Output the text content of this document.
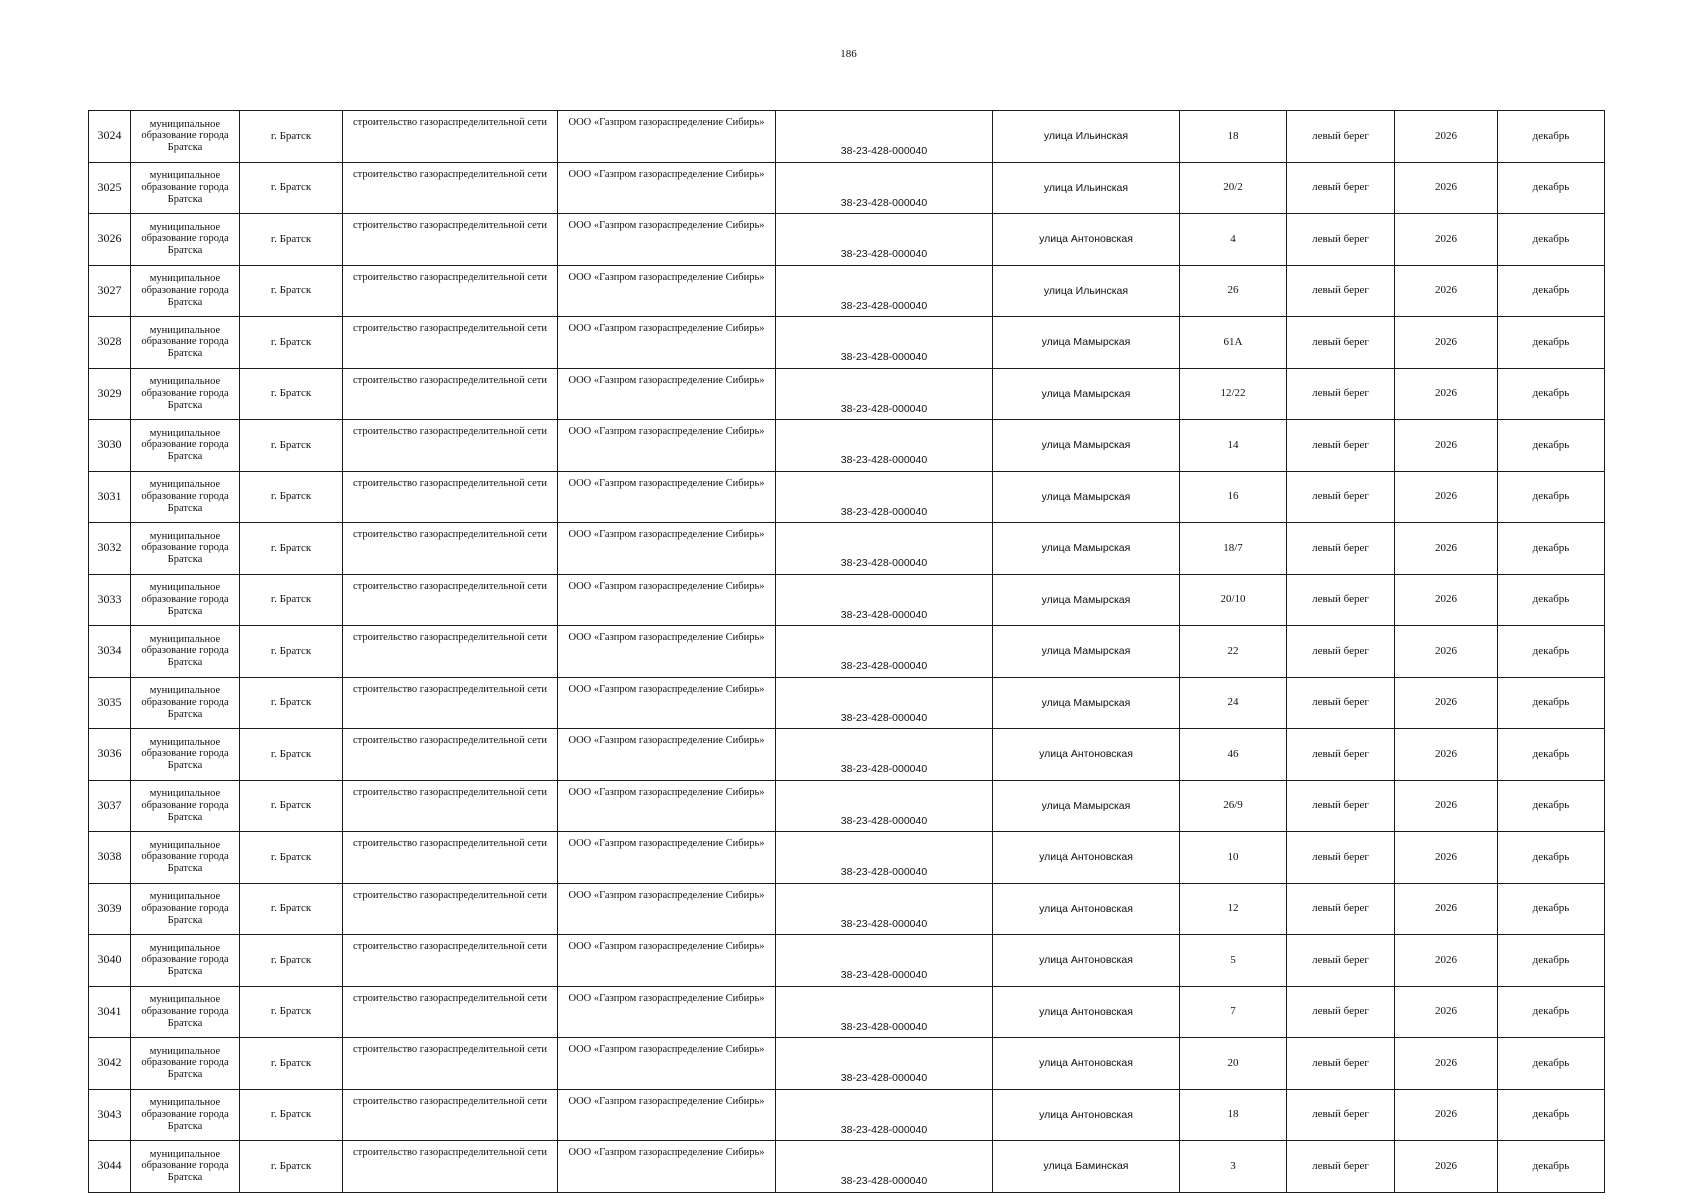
186
3024	муниципальное образование города Братска	г. Братск	строительство газораспределительной сети	ООО «Газпром газораспределение Сибирь»	38-23-428-000040	улица Ильинская	18	левый берег	2026	декабрь
3025	муниципальное образование города Братска	г. Братск	строительство газораспределительной сети	ООО «Газпром газораспределение Сибирь»	38-23-428-000040	улица Ильинская	20/2	левый берег	2026	декабрь
3026	муниципальное образование города Братска	г. Братск	строительство газораспределительной сети	ООО «Газпром газораспределение Сибирь»	38-23-428-000040	улица Антоновская	4	левый берег	2026	декабрь
3027	муниципальное образование города Братска	г. Братск	строительство газораспределительной сети	ООО «Газпром газораспределение Сибирь»	38-23-428-000040	улица Ильинская	26	левый берег	2026	декабрь
3028	муниципальное образование города Братска	г. Братск	строительство газораспределительной сети	ООО «Газпром газораспределение Сибирь»	38-23-428-000040	улица Мамырская	61А	левый берег	2026	декабрь
3029	муниципальное образование города Братска	г. Братск	строительство газораспределительной сети	ООО «Газпром газораспределение Сибирь»	38-23-428-000040	улица Мамырская	12/22	левый берег	2026	декабрь
3030	муниципальное образование города Братска	г. Братск	строительство газораспределительной сети	ООО «Газпром газораспределение Сибирь»	38-23-428-000040	улица Мамырская	14	левый берег	2026	декабрь
3031	муниципальное образование города Братска	г. Братск	строительство газораспределительной сети	ООО «Газпром газораспределение Сибирь»	38-23-428-000040	улица Мамырская	16	левый берег	2026	декабрь
3032	муниципальное образование города Братска	г. Братск	строительство газораспределительной сети	ООО «Газпром газораспределение Сибирь»	38-23-428-000040	улица Мамырская	18/7	левый берег	2026	декабрь
3033	муниципальное образование города Братска	г. Братск	строительство газораспределительной сети	ООО «Газпром газораспределение Сибирь»	38-23-428-000040	улица Мамырская	20/10	левый берег	2026	декабрь
3034	муниципальное образование города Братска	г. Братск	строительство газораспределительной сети	ООО «Газпром газораспределение Сибирь»	38-23-428-000040	улица Мамырская	22	левый берег	2026	декабрь
3035	муниципальное образование города Братска	г. Братск	строительство газораспределительной сети	ООО «Газпром газораспределение Сибирь»	38-23-428-000040	улица Мамырская	24	левый берег	2026	декабрь
3036	муниципальное образование города Братска	г. Братск	строительство газораспределительной сети	ООО «Газпром газораспределение Сибирь»	38-23-428-000040	улица Антоновская	46	левый берег	2026	декабрь
3037	муниципальное образование города Братска	г. Братск	строительство газораспределительной сети	ООО «Газпром газораспределение Сибирь»	38-23-428-000040	улица Мамырская	26/9	левый берег	2026	декабрь
3038	муниципальное образование города Братска	г. Братск	строительство газораспределительной сети	ООО «Газпром газораспределение Сибирь»	38-23-428-000040	улица Антоновская	10	левый берег	2026	декабрь
3039	муниципальное образование города Братска	г. Братск	строительство газораспределительной сети	ООО «Газпром газораспределение Сибирь»	38-23-428-000040	улица Антоновская	12	левый берег	2026	декабрь
3040	муниципальное образование города Братска	г. Братск	строительство газораспределительной сети	ООО «Газпром газораспределение Сибирь»	38-23-428-000040	улица Антоновская	5	левый берег	2026	декабрь
3041	муниципальное образование города Братска	г. Братск	строительство газораспределительной сети	ООО «Газпром газораспределение Сибирь»	38-23-428-000040	улица Антоновская	7	левый берег	2026	декабрь
3042	муниципальное образование города Братска	г. Братск	строительство газораспределительной сети	ООО «Газпром газораспределение Сибирь»	38-23-428-000040	улица Антоновская	20	левый берег	2026	декабрь
3043	муниципальное образование города Братска	г. Братск	строительство газораспределительной сети	ООО «Газпром газораспределение Сибирь»	38-23-428-000040	улица Антоновская	18	левый берег	2026	декабрь
3044	муниципальное образование города Братска	г. Братск	строительство газораспределительной сети	ООО «Газпром газораспределение Сибирь»	38-23-428-000040	улица Баминская	3	левый берег	2026	декабрь
